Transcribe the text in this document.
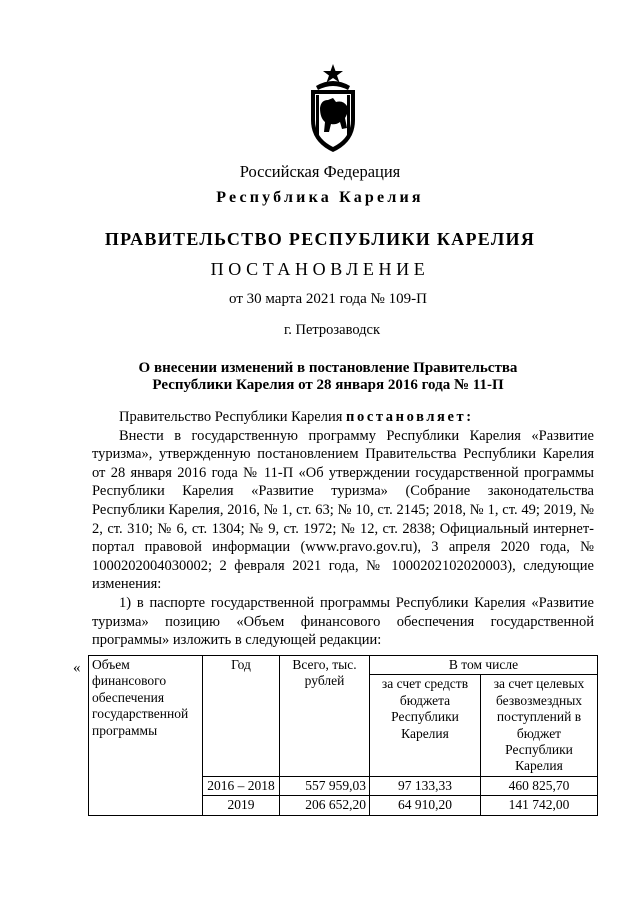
Российская Федерация
Республика Карелия
ПРАВИТЕЛЬСТВО РЕСПУБЛИКИ КАРЕЛИЯ
ПОСТАНОВЛЕНИЕ
от 30 марта 2021 года № 109-П
г. Петрозаводск
О внесении изменений в постановление Правительства
Республики Карелия от 28 января 2016 года № 11-П

Правительство Республики Карелия постановляет:

Внести в государственную программу Республики Карелия «Развитие туризма», утвержденную постановлением Правительства Республики Карелия от 28 января 2016 года № 11-П «Об утверждении государственной программы Республики Карелия «Развитие туризма» (Собрание законодательства Республики Карелия, 2016, № 1, ст. 63; № 10, ст. 2145; 2018, № 1, ст. 49; 2019, № 2, ст. 310; № 6, ст. 1304; № 9, ст. 1972; № 12, ст. 2838; Официальный интернет-портал правовой информации (www.pravo.gov.ru), 3 апреля 2020 года, № 1000202004030002; 2 февраля 2021 года, № 1000202102020003), следующие изменения:

1) в паспорте государственной программы Республики Карелия «Развитие туризма» позицию «Объем финансового обеспечения государственной программы» изложить в следующей редакции:

« Объем финансового обеспечения государственной программы	Год	Всего, тыс. рублей	В том числе	
			за счет средств бюджета Республики Карелия	за счет целевых безвозмездных поступлений в бюджет Республики Карелия
	2016 – 2018	557 959,03	97 133,33	460 825,70
	2019	206 652,20	64 910,20	141 742,00
